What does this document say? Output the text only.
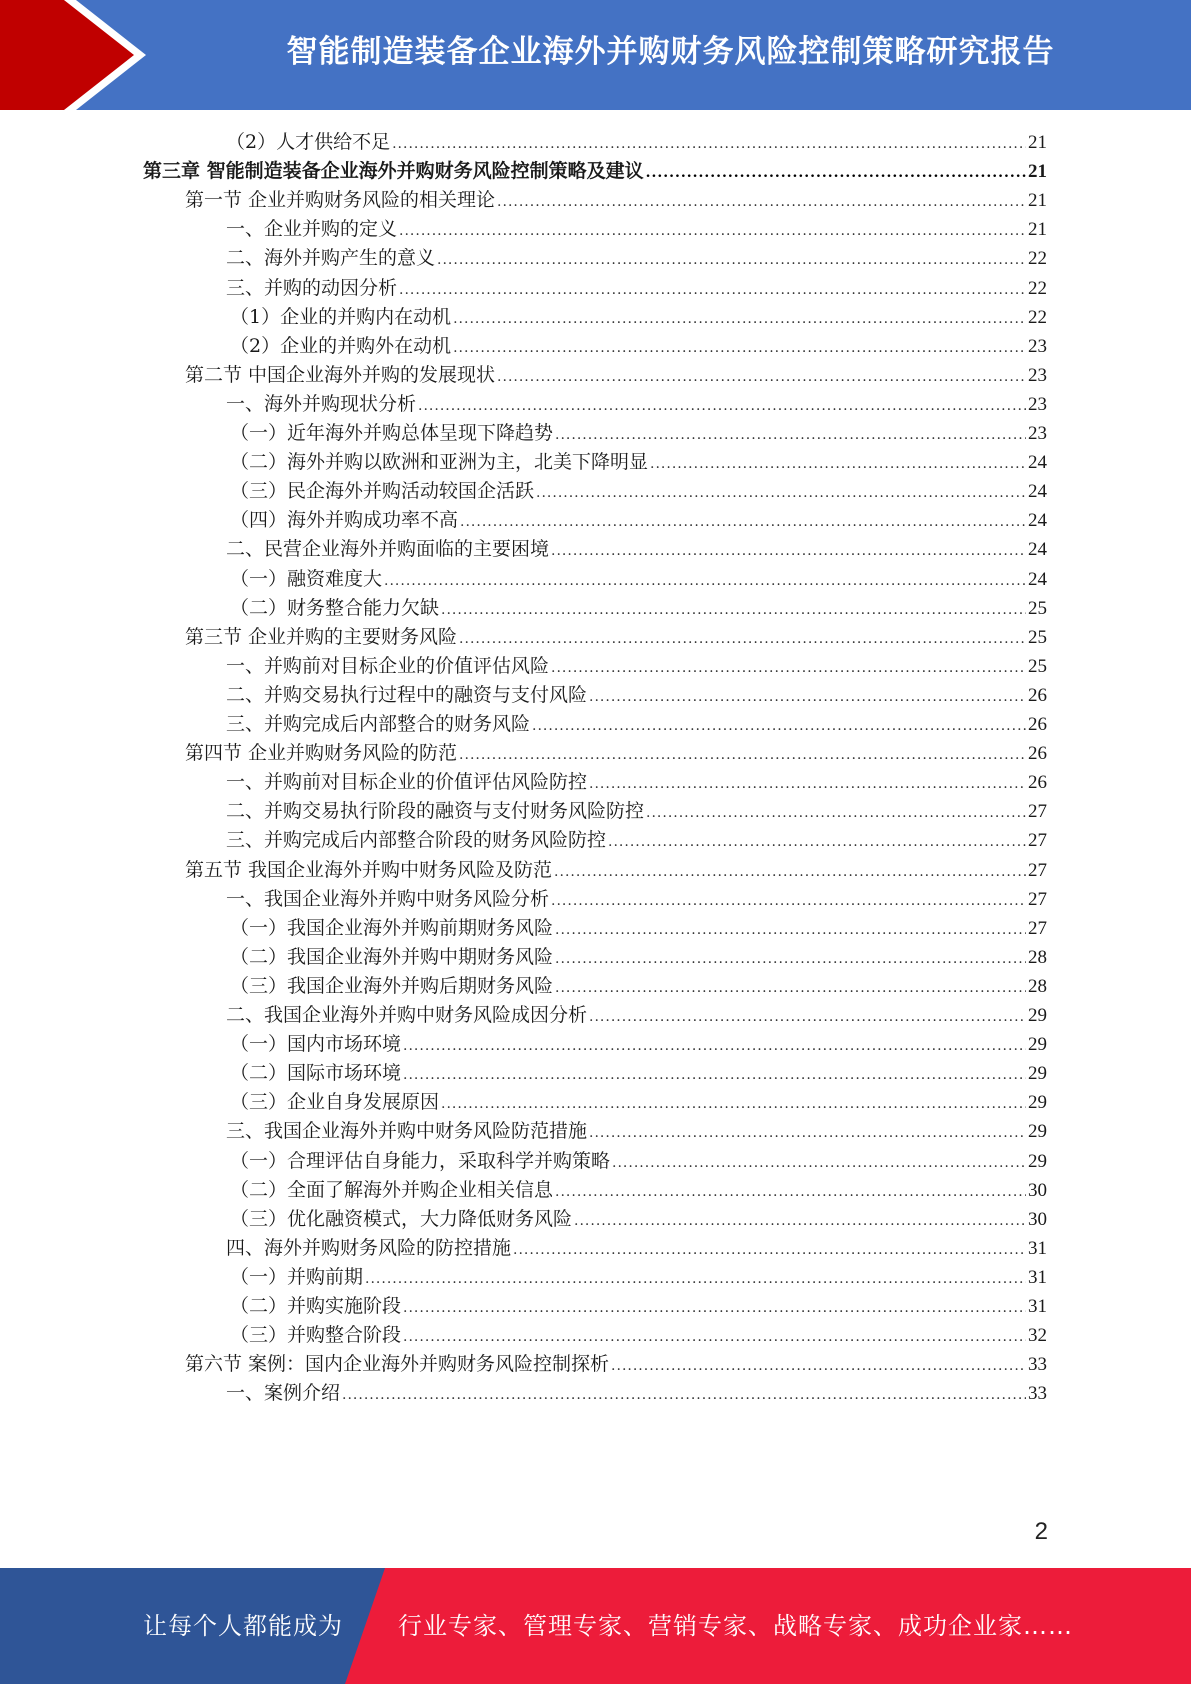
智能制造装备企业海外并购财务风险控制策略研究报告
（2）人才供给不足 .....	21
第三章 智能制造装备企业海外并购财务风险控制策略及建议 .....	21
第一节 企业并购财务风险的相关理论 .....	21
一、企业并购的定义 .....	21
二、海外并购产生的意义 .....	22
三、并购的动因分析 .....	22
（1）企业的并购内在动机 .....	22
（2）企业的并购外在动机 .....	23
第二节 中国企业海外并购的发展现状 .....	23
一、海外并购现状分析 .....	23
（一）近年海外并购总体呈现下降趋势 .....	23
（二）海外并购以欧洲和亚洲为主，北美下降明显 .....	24
（三）民企海外并购活动较国企活跃 .....	24
（四）海外并购成功率不高 .....	24
二、民营企业海外并购面临的主要困境 .....	24
（一）融资难度大 .....	24
（二）财务整合能力欠缺 .....	25
第三节 企业并购的主要财务风险 .....	25
一、并购前对目标企业的价值评估风险 .....	25
二、并购交易执行过程中的融资与支付风险 .....	26
三、并购完成后内部整合的财务风险 .....	26
第四节 企业并购财务风险的防范 .....	26
一、并购前对目标企业的价值评估风险防控 .....	26
二、并购交易执行阶段的融资与支付财务风险防控 .....	27
三、并购完成后内部整合阶段的财务风险防控 .....	27
第五节 我国企业海外并购中财务风险及防范 .....	27
一、我国企业海外并购中财务风险分析 .....	27
（一）我国企业海外并购前期财务风险 .....	27
（二）我国企业海外并购中期财务风险 .....	28
（三）我国企业海外并购后期财务风险 .....	28
二、我国企业海外并购中财务风险成因分析 .....	29
（一）国内市场环境 .....	29
（二）国际市场环境 .....	29
（三）企业自身发展原因 .....	29
三、我国企业海外并购中财务风险防范措施 .....	29
（一）合理评估自身能力，采取科学并购策略 .....	29
（二）全面了解海外并购企业相关信息 .....	30
（三）优化融资模式，大力降低财务风险 .....	30
四、海外并购财务风险的防控措施 .....	31
（一）并购前期 .....	31
（二）并购实施阶段 .....	31
（三）并购整合阶段 .....	32
第六节 案例：国内企业海外并购财务风险控制探析 .....	33
一、案例介绍 .....	33
2
让每个人都能成为 行业专家、管理专家、营销专家、战略专家、成功企业家……
